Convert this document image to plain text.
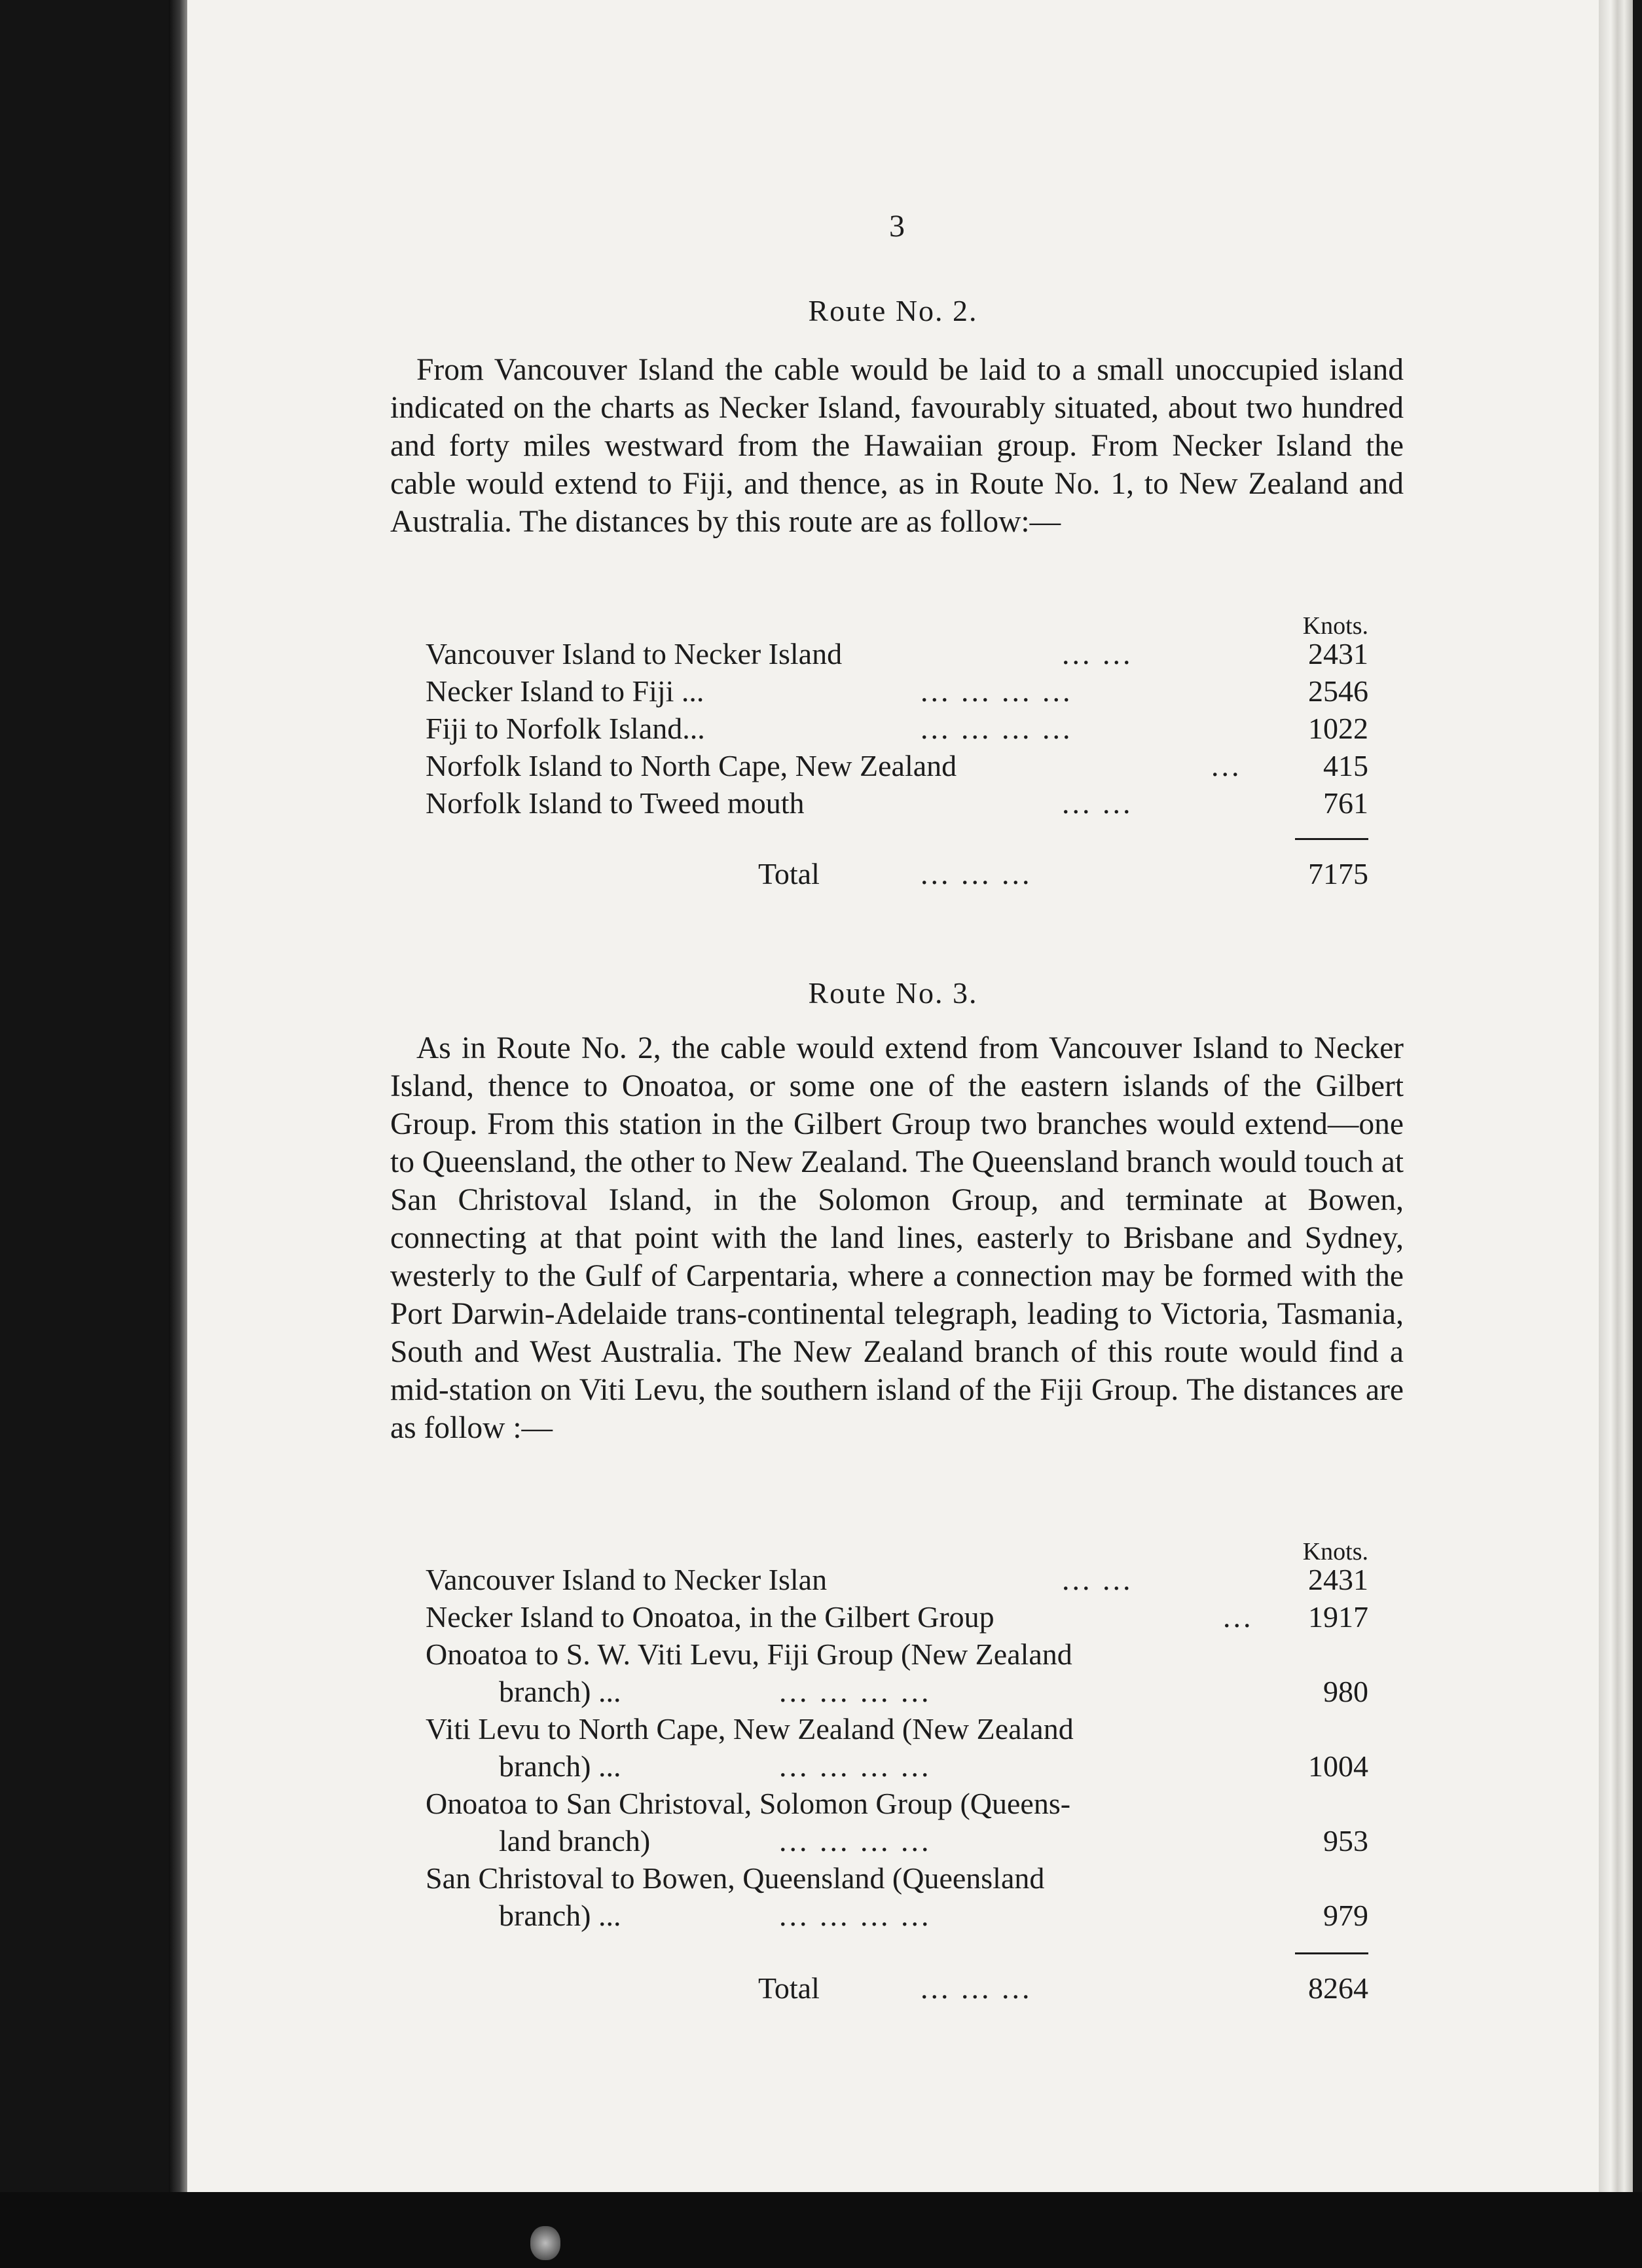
3
Route No. 2.

From Vancouver Island the cable would be laid to a small unoccupied island indicated on the charts as Necker Island, favourably situated, about two hundred and forty miles westward from the Hawaiian group. From Necker Island the cable would extend to Fiji, and thence, as in Route No. 1, to New Zealand and Australia. The distances by this route are as follow:—

Knots.
Vancouver Island to Necker Island	... ...	2431
Necker Island to Fiji ...	... ... ... ...	2546
Fiji to Norfolk Island...	... ... ... ...	1022
Norfolk Island to North Cape, New Zealand	...	415
Norfolk Island to Tweed mouth	... ...	761
Total	... ... ...	7175
Route No. 3.

As in Route No. 2, the cable would extend from Vancouver Island to Necker Island, thence to Onoatoa, or some one of the eastern islands of the Gilbert Group. From this station in the Gilbert Group two branches would extend—one to Queensland, the other to New Zealand. The Queensland branch would touch at San Christoval Island, in the Solomon Group, and terminate at Bowen, connecting at that point with the land lines, easterly to Brisbane and Sydney, westerly to the Gulf of Carpentaria, where a connection may be formed with the Port Darwin-Adelaide trans-continental telegraph, leading to Victoria, Tasmania, South and West Australia. The New Zealand branch of this route would find a mid-station on Viti Levu, the southern island of the Fiji Group. The distances are as follow :—

Knots.
Vancouver Island to Necker Islan	... ...	2431
Necker Island to Onoatoa, in the Gilbert Group	... 1917
Onoatoa to S. W. Viti Levu, Fiji Group (New Zealand
branch) ...	... ... ... ...	980
Viti Levu to North Cape, New Zealand (New Zealand
branch) ...	... ... ... ...	1004
Onoatoa to San Christoval, Solomon Group (Queens-
land branch)	... ... ... ...	953
San Christoval to Bowen, Queensland (Queensland
branch) ...	... ... ... ...	979
Total	... ... ...	8264
